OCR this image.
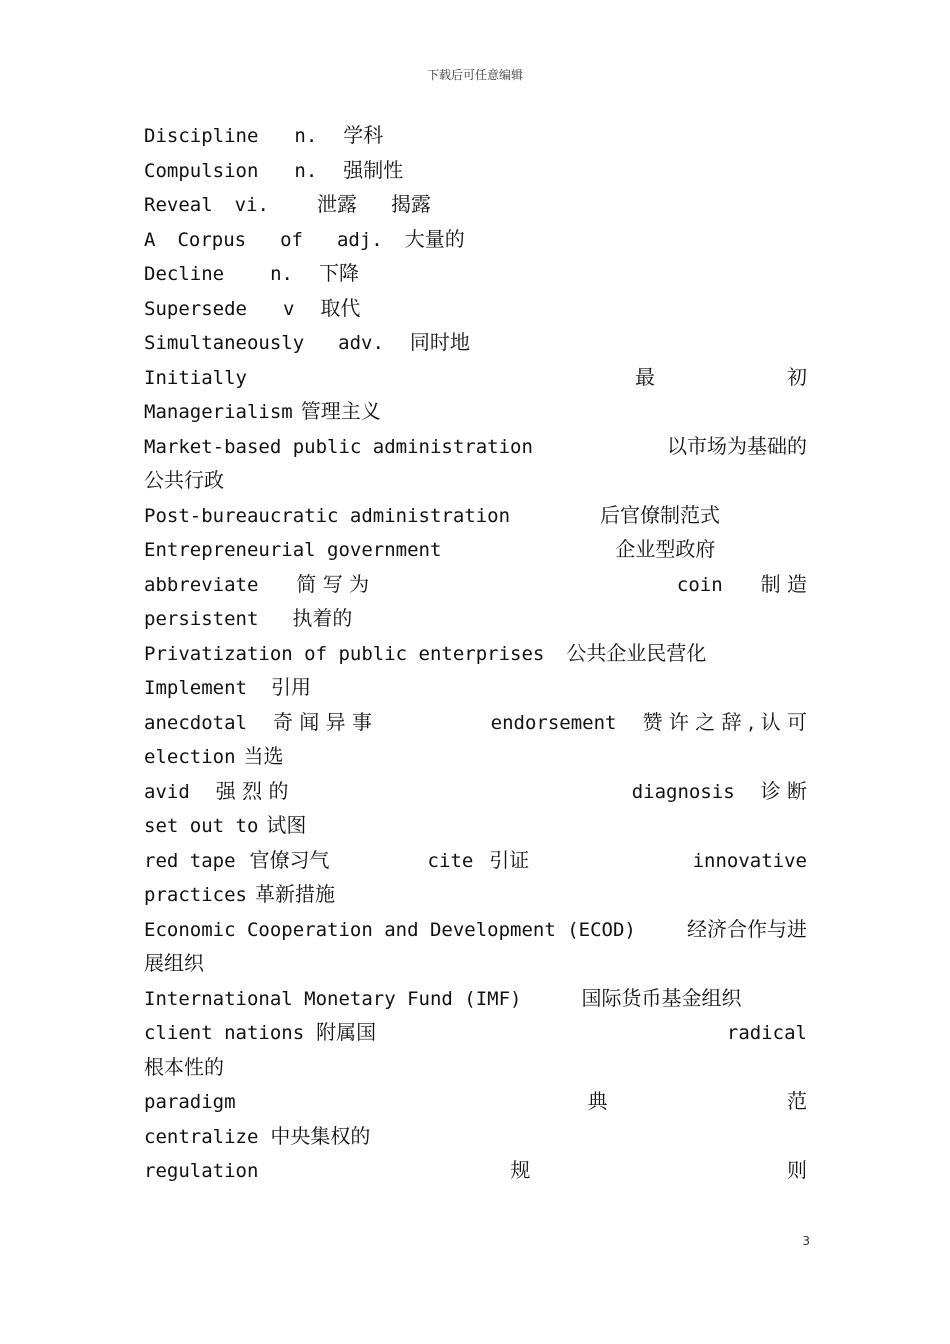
下载后可任意编辑
Discipline n. 学科
Compulsion n. 强制性
Reveal vi. 泄露 揭露
A Corpus of adj. 大量的
Decline n. 下降
Supersede v 取代
Simultaneously adv. 同时地
Initially	最	初
Managerialism 管理主义
Market-based public administration	以市场为基础的
公共行政
Post-bureaucratic administration	后官僚制范式
Entrepreneurial government	企业型政府
abbreviate 简 写 为	coin 制 造
persistent 执着的
Privatization of public enterprises 公共企业民营化
Implement 引用
anecdotal 奇 闻 异 事	endorsement 赞 许 之 辞 , 认 可
election 当选
avid 强 烈 的	diagnosis 诊 断
set out to 试图
red tape 官僚习气	cite 引证	innovative
practices 革新措施
Economic Cooperation and Development (ECOD)	经济合作与进
展组织
International Monetary Fund (IMF)	国际货币基金组织
client nations 附属国	radical
根本性的
paradigm	典	范
centralize 中央集权的
regulation	规	则
3
